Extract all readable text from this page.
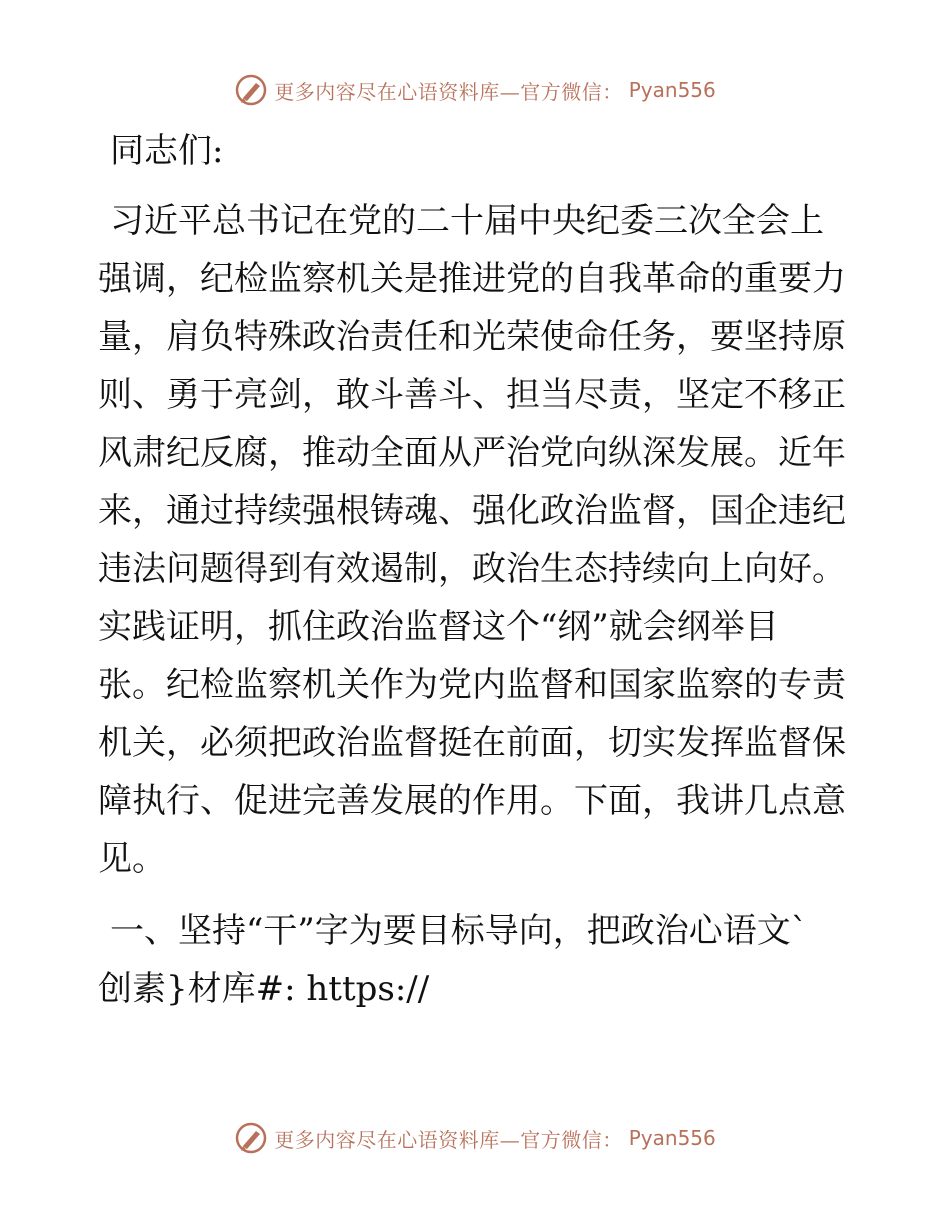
更多内容尽在心语资料库—官方微信： Pyan556
同志们:
习近平总书记在党的二十届中央纪委三次全会上
强调，纪检监察机关是推进党的自我革命的重要力
量，肩负特殊政治责任和光荣使命任务，要坚持原
则、勇于亮剑，敢斗善斗、担当尽责，坚定不移正
风肃纪反腐，推动全面从严治党向纵深发展。近年
来，通过持续强根铸魂、强化政治监督，国企违纪
违法问题得到有效遏制，政治生态持续向上向好。
实践证明，抓住政治监督这个“纲”就会纲举目
张。纪检监察机关作为党内监督和国家监察的专责
机关，必须把政治监督挺在前面，切实发挥监督保
障执行、促进完善发展的作用。下面，我讲几点意
见。
一、坚持“干”字为要目标导向，把政治心语文`
创素}材库#: https://
更多内容尽在心语资料库—官方微信： Pyan556
